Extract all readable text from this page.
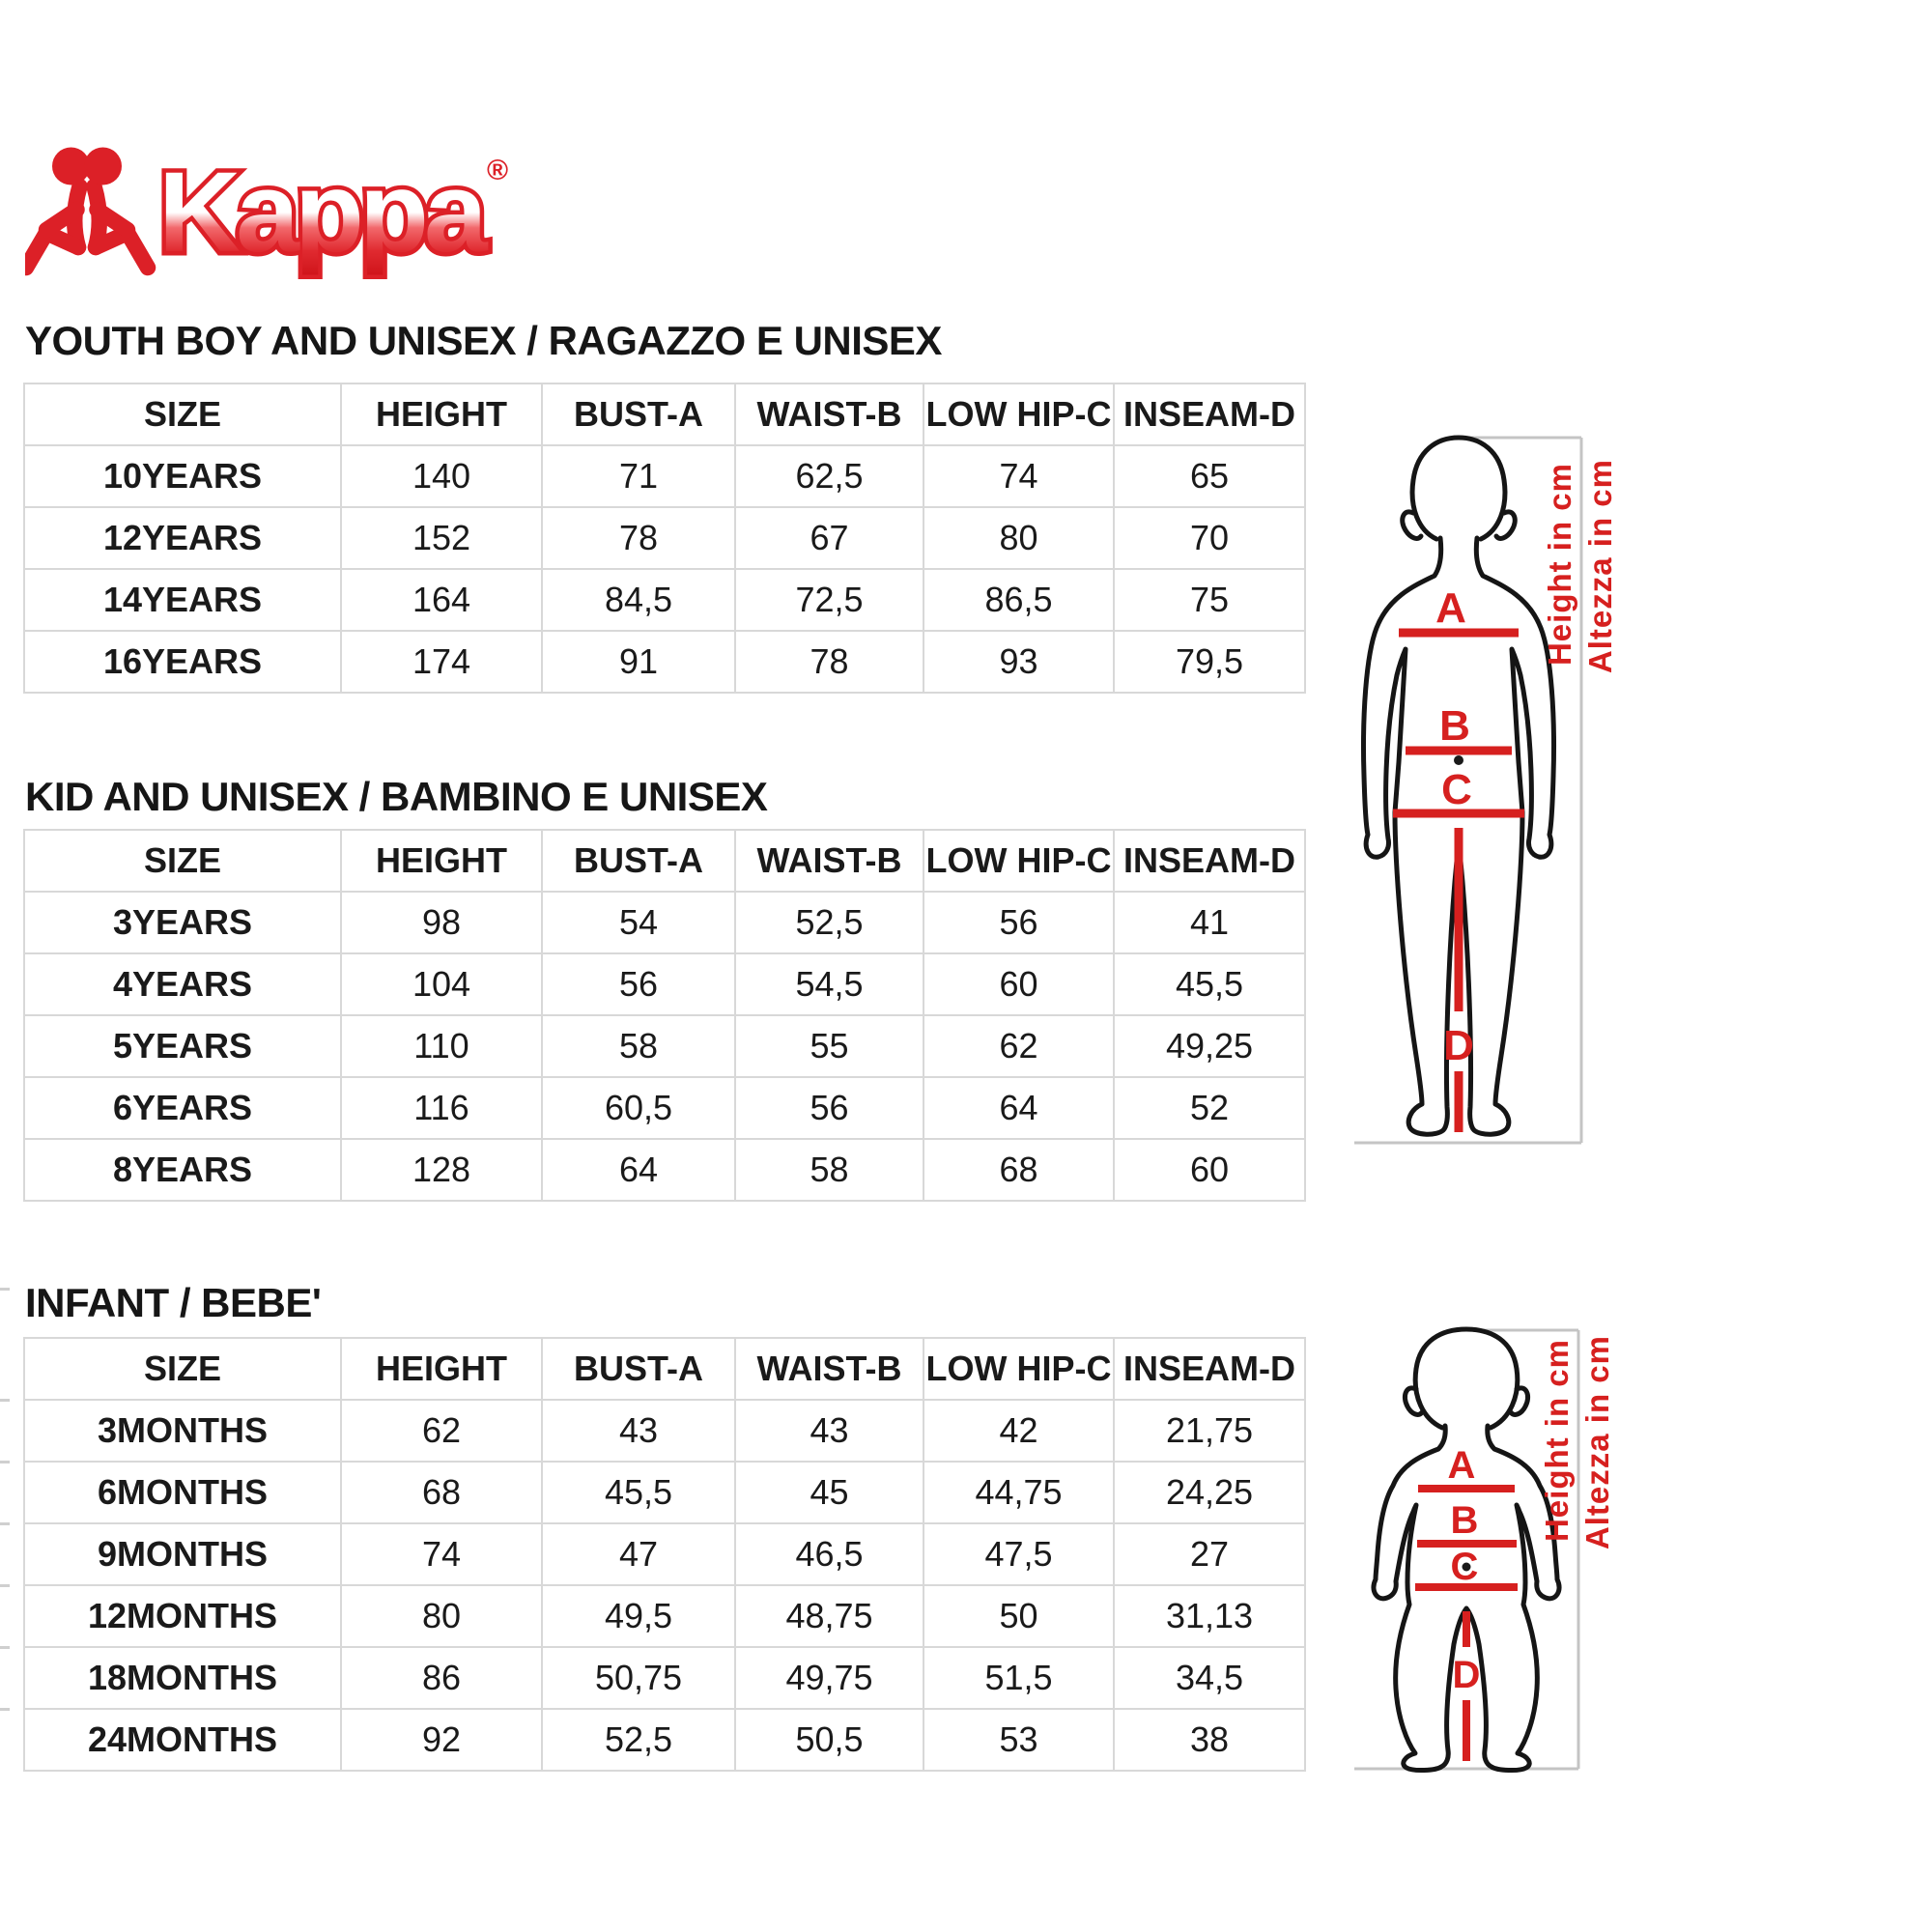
Kappa ®
YOUTH BOY AND UNISEX / RAGAZZO E UNISEX
SIZE	HEIGHT	BUST-A	WAIST-B	LOW HIP-C	INSEAM-D
10YEARS	140	71	62,5	74	65
12YEARS	152	78	67	80	70
14YEARS	164	84,5	72,5	86,5	75
16YEARS	174	91	78	93	79,5
KID AND UNISEX / BAMBINO E UNISEX
SIZE	HEIGHT	BUST-A	WAIST-B	LOW HIP-C	INSEAM-D
3YEARS	98	54	52,5	56	41
4YEARS	104	56	54,5	60	45,5
5YEARS	110	58	55	62	49,25
6YEARS	116	60,5	56	64	52
8YEARS	128	64	58	68	60
INFANT / BEBE'
SIZE	HEIGHT	BUST-A	WAIST-B	LOW HIP-C	INSEAM-D
3MONTHS	62	43	43	42	21,75
6MONTHS	68	45,5	45	44,75	24,25
9MONTHS	74	47	46,5	47,5	27
12MONTHS	80	49,5	48,75	50	31,13
18MONTHS	86	50,75	49,75	51,5	34,5
24MONTHS	92	52,5	50,5	53	38
A
B
C
D
Height in cm Altezza in cm
A
B
C
D
Height in cm Altezza in cm
